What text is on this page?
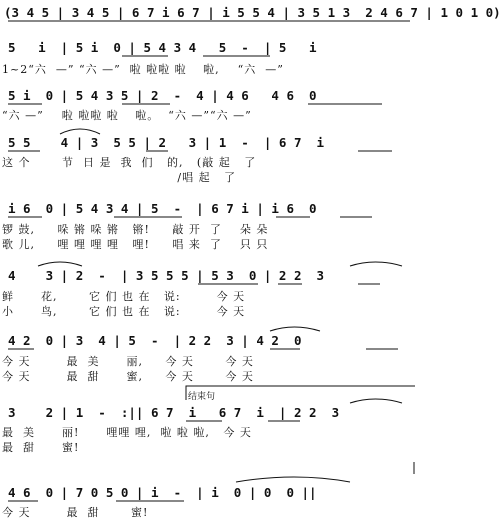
(3 4 5 | 3 4 5 | 6 7 i 6 7 | i 5 5 4 | 3 5 1 3  2 4 6 7 | 1 0 1 0)
5   i  | 5 i  0 | 5 4 3 4   5  -  | 5   i
1~2“六  —” “六 —”  啦 啦啦 啦 　啦,    “六  —”
5 i  0 | 5 4 3 5 | 2  -  4 | 4 6   4 6  0
“六 —”    啦 啦啦 啦 　啦。  “六 —”“六 —”
5 5    4 | 3  5 5 | 2   3 | 1  -  | 6 7  i
这 个       节  日 是  我  们   的,   (敲 起   了
/唱 起   了
i 6  0 | 5 4 3 4 | 5  -  | 6 7 i | i 6  0
锣 鼓,     哚 锵 哚 锵   锵!     敲 开  了    朵 朵
歌 儿,     哩 哩 哩 哩   哩!     唱 来  了    只 只
4    3 | 2  -  | 3 5 5 5 | 5 3  0 | 2 2  3
鲜      花,       它 们 也 在   说:        今 天
小      鸟,       它 们 也 在   说:        今 天
4 2  0 | 3  4 | 5  -  | 2 2  3 | 4 2  0
今 天        最  美      丽,     今 天       今 天
今 天        最  甜      蜜,     今 天       今 天
结束句
3    2 | 1  -  :|| 6 7  i   6 7  i  | 2 2  3
最  美      丽!      哩哩 哩,  啦 啦 啦,   今 天
最  甜      蜜!
4 6  0 | 7 0 5 0 | i  -  | i  0 | 0  0 ||
今 天        最  甜       蜜!
